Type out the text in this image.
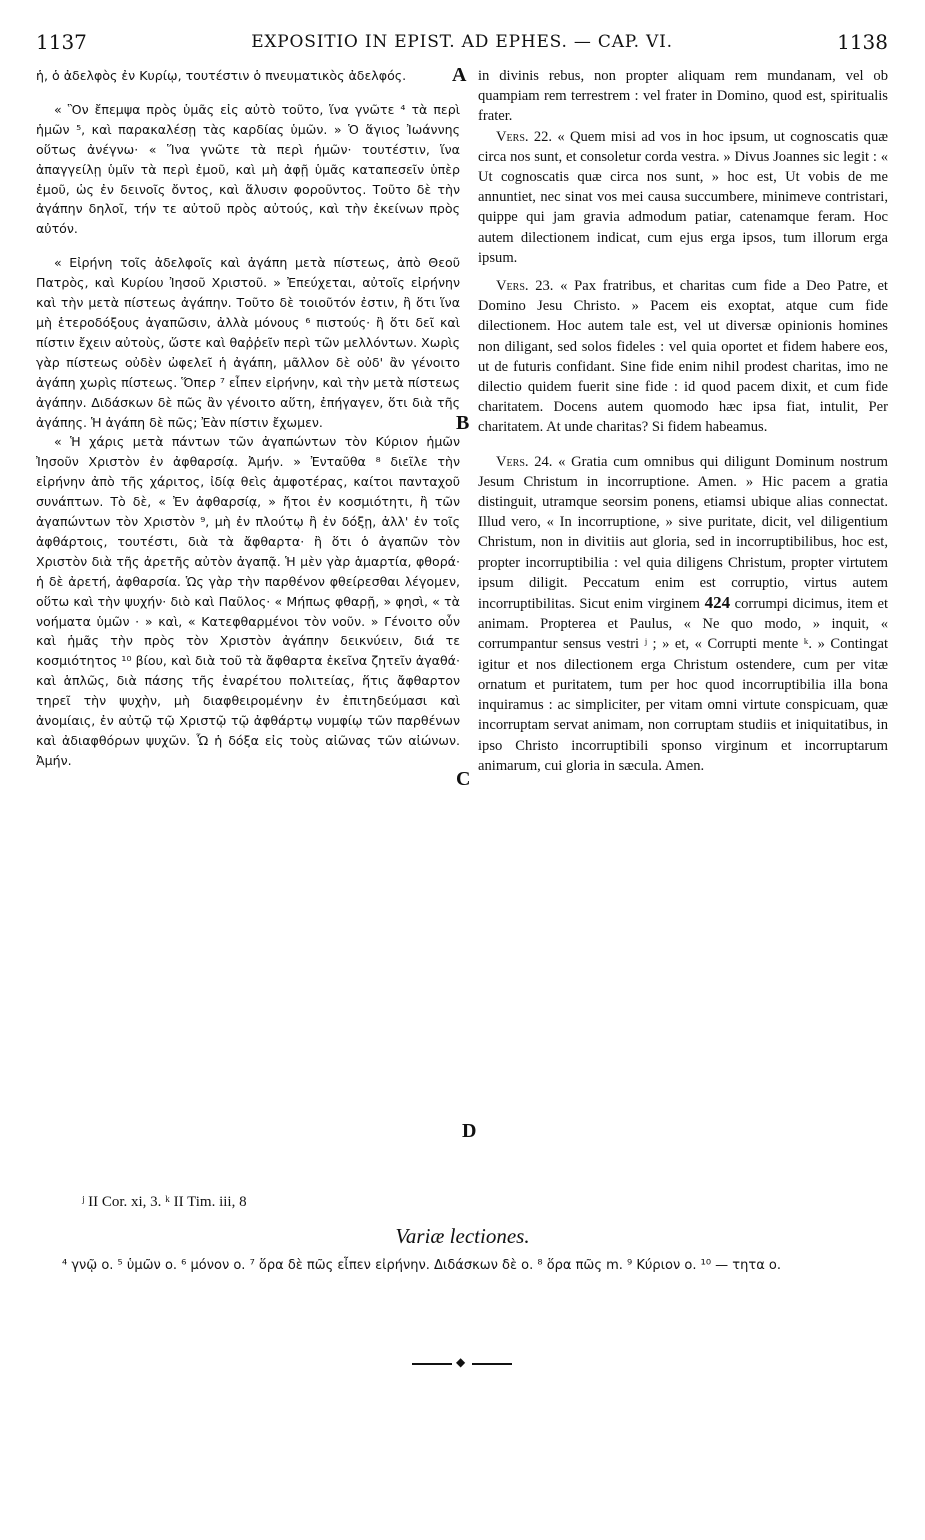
1137	EXPOSITIO IN EPIST. AD EPHES. — CAP. VI.	1138

ἡ, ὁ ἀδελφὸς ἐν Κυρίῳ, τουτέστιν ὁ πνευματικὸς ἀδελφός.

« Ὃν ἔπεμψα πρὸς ὑμᾶς εἰς αὐτὸ τοῦτο, ἵνα γνῶτε ⁴ τὰ περὶ ἡμῶν ⁵, καὶ παρακαλέσῃ τὰς καρδίας ὑμῶν. » Ὁ ἅγιος Ἰωάννης οὕτως ἀνέγνω· « Ἵνα γνῶτε τὰ περὶ ἡμῶν· τουτέστιν, ἵνα ἀπαγγείλῃ ὑμῖν τὰ περὶ ἐμοῦ, καὶ μὴ ἀφῇ ὑμᾶς καταπεσεῖν ὑπὲρ ἐμοῦ, ὡς ἐν δεινοῖς ὄντος, καὶ ἅλυσιν φοροῦντος. Τοῦτο δὲ τὴν ἀγάπην δηλοῖ, τήν τε αὐτοῦ πρὸς αὐτούς, καὶ τὴν ἐκείνων πρὸς αὐτόν.

« Εἰρήνη τοῖς ἀδελφοῖς καὶ ἀγάπη μετὰ πίστεως, ἀπὸ Θεοῦ Πατρὸς, καὶ Κυρίου Ἰησοῦ Χριστοῦ. » Ἐπεύχεται, αὐτοῖς εἰρήνην καὶ τὴν μετὰ πίστεως ἀγάπην. Τοῦτο δὲ τοιοῦτόν ἐστιν, ἢ ὅτι ἵνα μὴ ἑτεροδόξους ἀγαπῶσιν, ἀλλὰ μόνους ⁶ πιστούς· ἢ ὅτι δεῖ καὶ πίστιν ἔχειν αὐτοὺς, ὥστε καὶ θαῤῥεῖν περὶ τῶν μελλόντων. Χωρὶς γὰρ πίστεως οὐδὲν ὠφελεῖ ἡ ἀγάπη, μᾶλλον δὲ οὐδ' ἂν γένοιτο ἀγάπη χωρὶς πίστεως. Ὅπερ ⁷ εἶπεν εἰρήνην, καὶ τὴν μετὰ πίστεως ἀγάπην. Διδάσκων δὲ πῶς ἂν γένοιτο αὕτη, ἐπήγαγεν, ὅτι διὰ τῆς ἀγάπης. Ἡ ἀγάπη δὲ πῶς; Ἐὰν πίστιν ἔχωμεν.

« Ἡ χάρις μετὰ πάντων τῶν ἀγαπώντων τὸν Κύριον ἡμῶν Ἰησοῦν Χριστὸν ἐν ἀφθαρσίᾳ. Ἀμήν. » Ἐνταῦθα ⁸ διεῖλε τὴν εἰρήνην ἀπὸ τῆς χάριτος, ἰδίᾳ θεὶς ἀμφοτέρας, καίτοι πανταχοῦ συνάπτων. Τὸ δὲ, « Ἐν ἀφθαρσίᾳ, » ἤτοι ἐν κοσμιότητι, ἢ τῶν ἀγαπώντων τὸν Χριστὸν ⁹, μὴ ἐν πλούτῳ ἢ ἐν δόξῃ, ἀλλ' ἐν τοῖς ἀφθάρτοις, τουτέστι, διὰ τὰ ἄφθαρτα· ἢ ὅτι ὁ ἀγαπῶν τὸν Χριστὸν διὰ τῆς ἀρετῆς αὐτὸν ἀγαπᾷ. Ἡ μὲν γὰρ ἁμαρτία, φθορά· ἡ δὲ ἀρετή, ἀφθαρσία. Ὡς γὰρ τὴν παρθένον φθείρεσθαι λέγομεν, οὕτω καὶ τὴν ψυχήν· διὸ καὶ Παῦλος· « Μήπως φθαρῇ, » φησὶ, « τὰ νοήματα ὑμῶν · » καὶ, « Κατεφθαρμένοι τὸν νοῦν. » Γένοιτο οὖν καὶ ἡμᾶς τὴν πρὸς τὸν Χριστὸν ἀγάπην δεικνύειν, διά τε κοσμιότητος ¹⁰ βίου, καὶ διὰ τοῦ τὰ ἄφθαρτα ἐκεῖνα ζητεῖν ἀγαθά· καὶ ἁπλῶς, διὰ πάσης τῆς ἐναρέτου πολιτείας, ἥτις ἄφθαρτον τηρεῖ τὴν ψυχὴν, μὴ διαφθειρομένην ἐν ἐπιτηδεύμασι καὶ ἀνομίαις, ἐν αὐτῷ τῷ Χριστῷ τῷ ἀφθάρτῳ νυμφίῳ τῶν παρθένων καὶ ἀδιαφθόρων ψυχῶν. Ὧ ἡ δόξα εἰς τοὺς αἰῶνας τῶν αἰώνων. Ἀμήν.

in divinis rebus, non propter aliquam rem mundanam, vel ob quampiam rem terrestrem : vel frater in Domino, quod est, spiritualis frater.

Vers. 22. « Quem misi ad vos in hoc ipsum, ut cognoscatis quæ circa nos sunt, et consoletur corda vestra. » Divus Joannes sic legit : « Ut cognoscatis quæ circa nos sunt, » hoc est, Ut vobis de me annuntiet, nec sinat vos mei causa succumbere, minimeve contristari, quippe qui jam gravia admodum patiar, catenamque feram. Hoc autem dilectionem indicat, cum ejus erga ipsos, tum illorum erga ipsum.

Vers. 23. « Pax fratribus, et charitas cum fide a Deo Patre, et Domino Jesu Christo. » Pacem eis exoptat, atque cum fide dilectionem. Hoc autem tale est, vel ut diversæ opinionis homines non diligant, sed solos fideles : vel quia oportet et fidem habere eos, ut de futuris confidant. Sine fide enim nihil prodest charitas, imo ne dilectio quidem fuerit sine fide : id quod pacem dixit, et cum fide charitatem. Docens autem quomodo hæc ipsa fiat, intulit, Per charitatem. At unde charitas? Si fidem habeamus.

Vers. 24. « Gratia cum omnibus qui diligunt Dominum nostrum Jesum Christum in incorruptione. Amen. » Hic pacem a gratia distinguit, utramque seorsim ponens, etiamsi ubique alias connectat. Illud vero, « In incorruptione, » sive puritate, dicit, vel diligentium Christum, non in divitiis aut gloria, sed in incorruptibilibus, hoc est, propter incorruptibilia : vel quia diligens Christum, propter virtutem ipsum diligit. Peccatum enim est corruptio, virtus autem incorruptibilitas. Sicut enim virginem 424 corrumpi dicimus, item et animam. Propterea et Paulus, « Ne quo modo, » inquit, « corrumpantur sensus vestri ʲ ; » et, « Corrupti mente ᵏ. » Contingat igitur et nos dilectionem erga Christum ostendere, cum per vitæ ornatum et puritatem, tum per hoc quod incorruptibilia illa bona inquiramus : ac simpliciter, per vitam omni virtute conspicuam, quæ incorruptam servat animam, non corruptam studiis et iniquitatibus, in ipso Christo incorruptibili sponso virginum et incorruptarum animarum, cui gloria in sæcula. Amen.

A
B
C
D
ʲ II Cor. xi, 3. ᵏ II Tim. iii, 8
Variæ lectiones.
⁴ γνῷ ο. ⁵ ὑμῶν ο. ⁶ μόνον ο. ⁷ ὅρα δὲ πῶς εἶπεν εἰρήνην. Διδάσκων δὲ ο. ⁸ ὅρα πῶς m. ⁹ Κύριον ο. ¹⁰ — τητα ο.
◆
